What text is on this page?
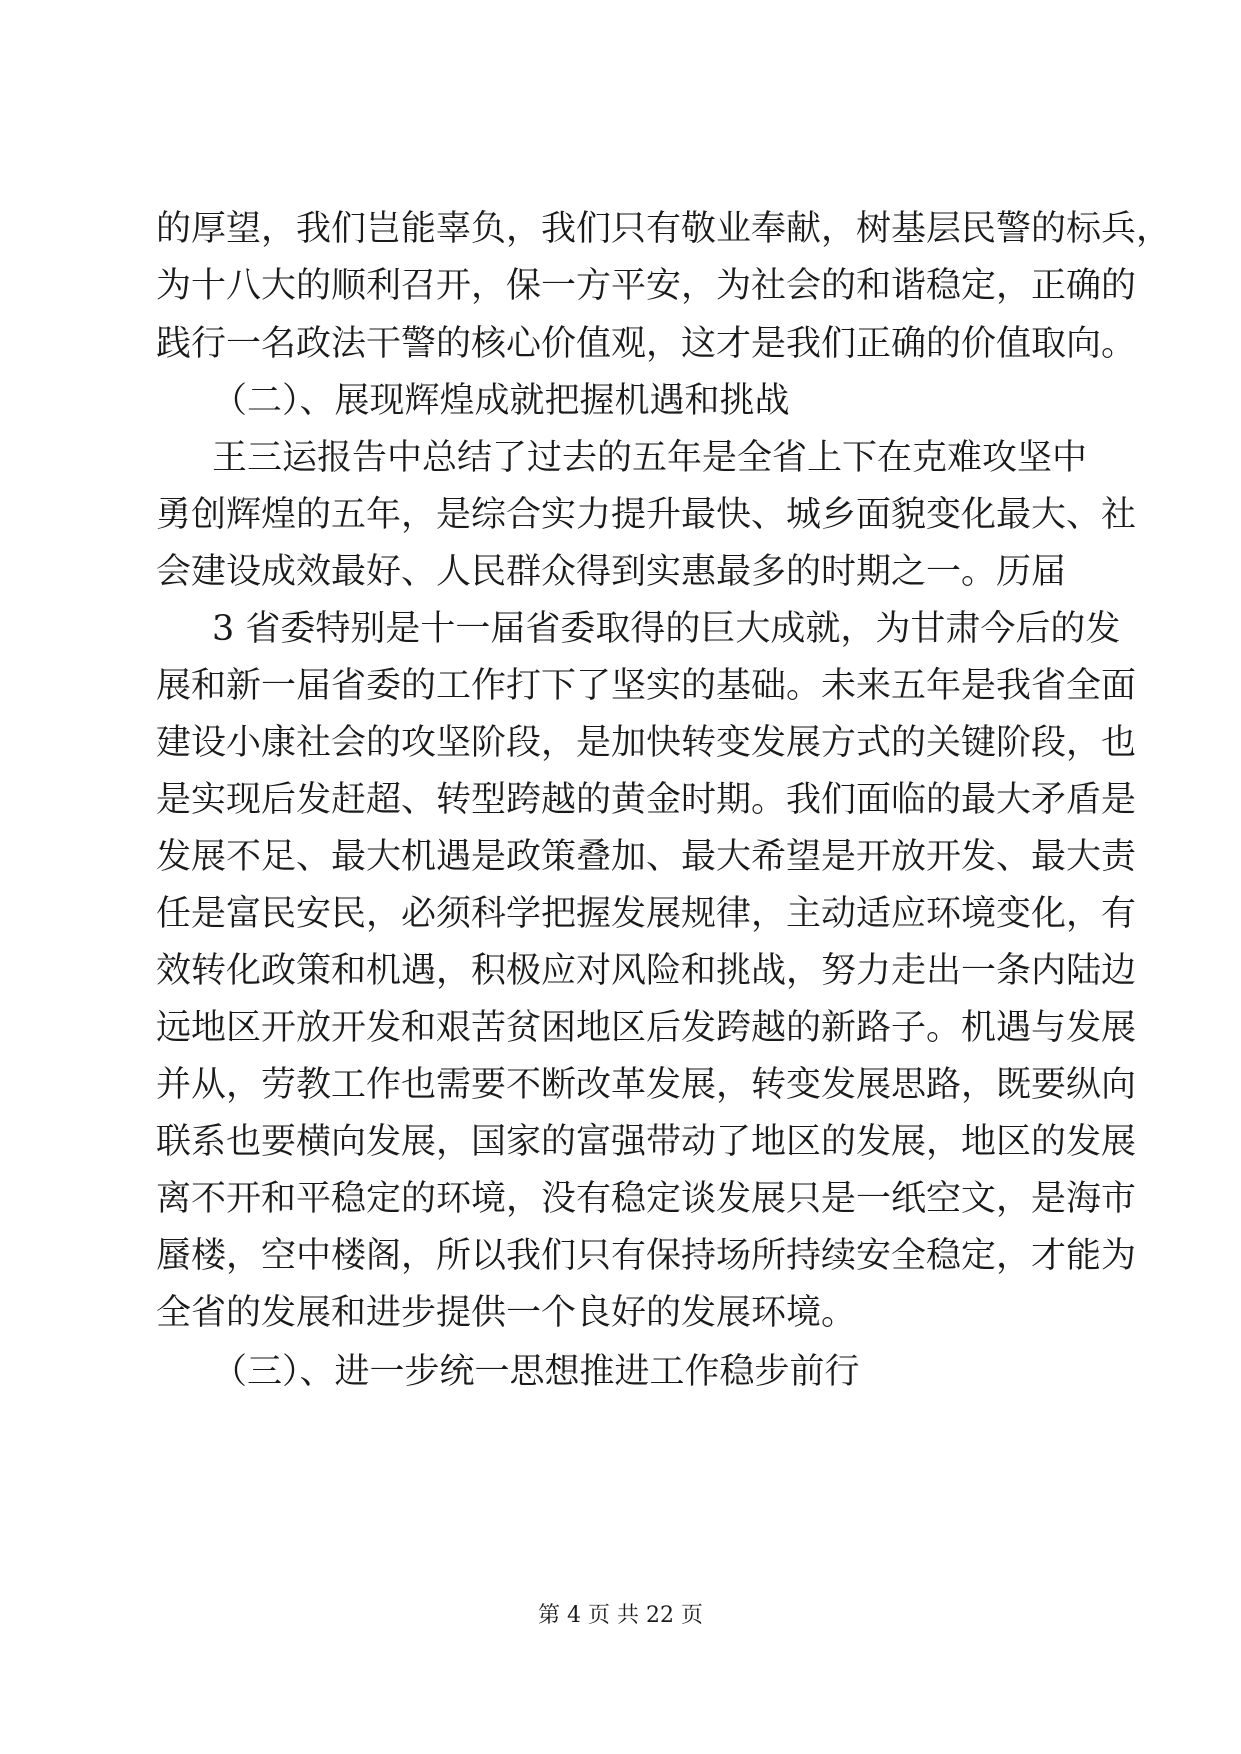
的厚望，我们岂能辜负，我们只有敬业奉献，树基层民警的标兵，
为十八大的顺利召开，保一方平安，为社会的和谐稳定，正确的
践行一名政法干警的核心价值观，这才是我们正确的价值取向。
（二）、展现辉煌成就把握机遇和挑战
王三运报告中总结了过去的五年是全省上下在克难攻坚中
勇创辉煌的五年，是综合实力提升最快、城乡面貌变化最大、社
会建设成效最好、人民群众得到实惠最多的时期之一。历届
3 省委特别是十一届省委取得的巨大成就，为甘肃今后的发
展和新一届省委的工作打下了坚实的基础。未来五年是我省全面
建设小康社会的攻坚阶段，是加快转变发展方式的关键阶段，也
是实现后发赶超、转型跨越的黄金时期。我们面临的最大矛盾是
发展不足、最大机遇是政策叠加、最大希望是开放开发、最大责
任是富民安民，必须科学把握发展规律，主动适应环境变化，有
效转化政策和机遇，积极应对风险和挑战，努力走出一条内陆边
远地区开放开发和艰苦贫困地区后发跨越的新路子。机遇与发展
并从，劳教工作也需要不断改革发展，转变发展思路，既要纵向
联系也要横向发展，国家的富强带动了地区的发展，地区的发展
离不开和平稳定的环境，没有稳定谈发展只是一纸空文，是海市
蜃楼，空中楼阁，所以我们只有保持场所持续安全稳定，才能为
全省的发展和进步提供一个良好的发展环境。
（三）、进一步统一思想推进工作稳步前行
第 4 页 共 22 页
